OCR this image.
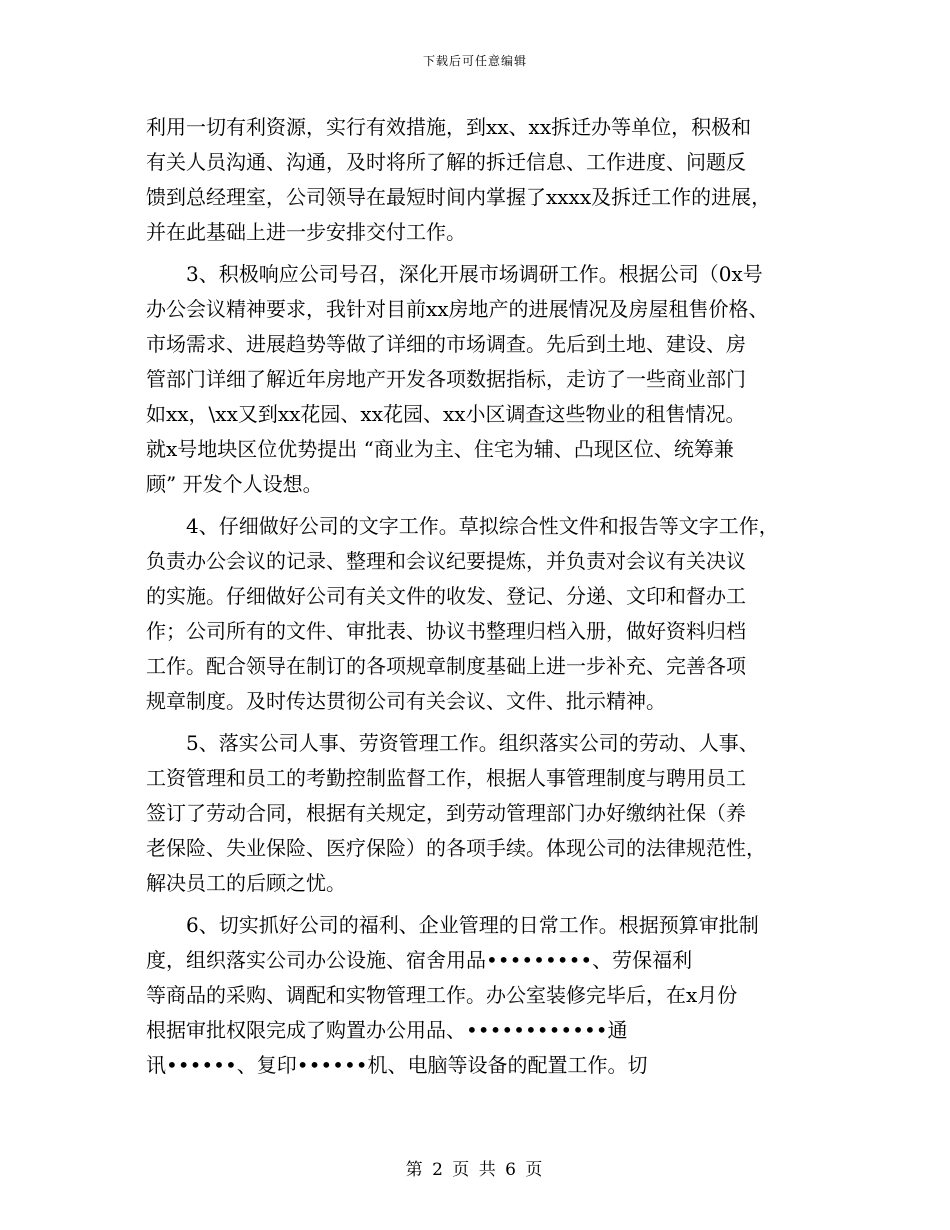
下载后可任意编辑
利用一切有利资源，实行有效措施，到xx、xx拆迁办等单位，积极和
有关人员沟通、沟通，及时将所了解的拆迁信息、工作进度、问题反
馈到总经理室，公司领导在最短时间内掌握了xxxx及拆迁工作的进展，
并在此基础上进一步安排交付工作。
3、积极响应公司号召，深化开展市场调研工作。根据公司（0x号
办公会议精神要求，我针对目前xx房地产的进展情况及房屋租售价格、
市场需求、进展趋势等做了详细的市场调查。先后到土地、建设、房
管部门详细了解近年房地产开发各项数据指标，走访了一些商业部门
如xx，\xx又到xx花园、xx花园、xx小区调查这些物业的租售情况。
就x号地块区位优势提出 “商业为主、住宅为辅、凸现区位、统筹兼
顾” 开发个人设想。
4、仔细做好公司的文字工作。草拟综合性文件和报告等文字工作，
负责办公会议的记录、整理和会议纪要提炼，并负责对会议有关决议
的实施。仔细做好公司有关文件的收发、登记、分递、文印和督办工
作；公司所有的文件、审批表、协议书整理归档入册，做好资料归档
工作。配合领导在制订的各项规章制度基础上进一步补充、完善各项
规章制度。及时传达贯彻公司有关会议、文件、批示精神。
5、落实公司人事、劳资管理工作。组织落实公司的劳动、人事、
工资管理和员工的考勤控制监督工作，根据人事管理制度与聘用员工
签订了劳动合同，根据有关规定，到劳动管理部门办好缴纳社保（养
老保险、失业保险、医疗保险）的各项手续。体现公司的法律规范性，
解决员工的后顾之忧。
6、切实抓好公司的福利、企业管理的日常工作。根据预算审批制
度，组织落实公司办公设施、宿舍用品•••••••••、劳保福利
等商品的采购、调配和实物管理工作。办公室装修完毕后，在x月份
根据审批权限完成了购置办公用品、••••••••••••通
讯••••••、复印••••••机、电脑等设备的配置工作。切
第 2 页 共 6 页
